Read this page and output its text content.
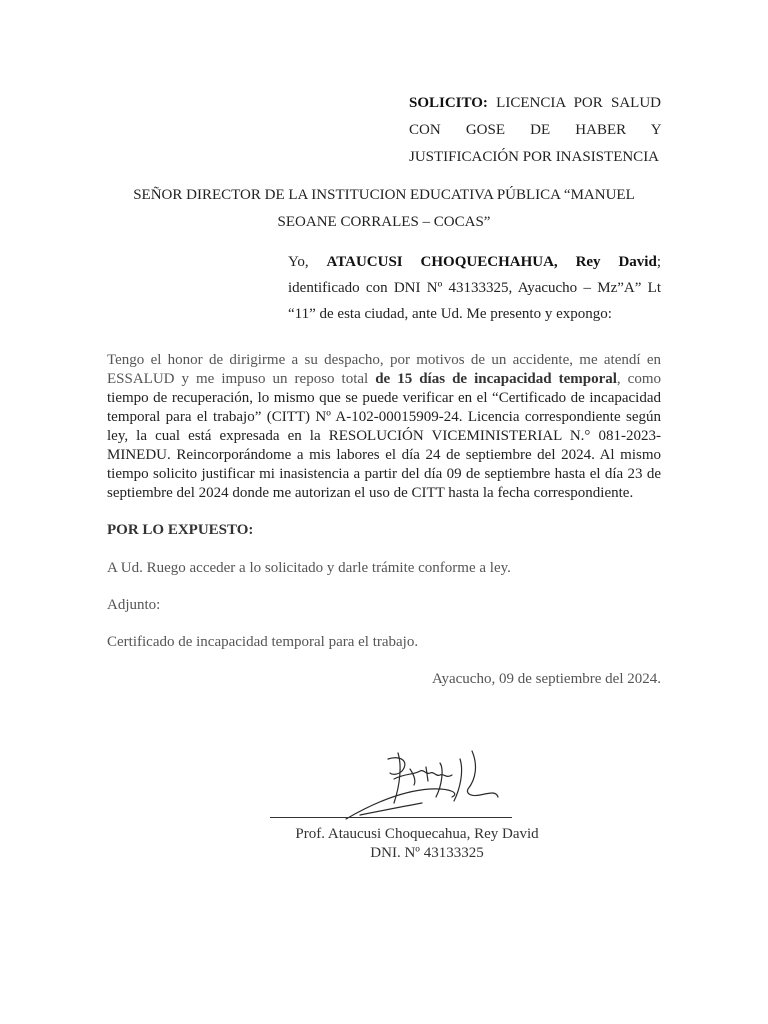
SOLICITO: LICENCIA POR SALUD CON GOSE DE HABER Y JUSTIFICACIÓN POR INASISTENCIA
SEÑOR DIRECTOR DE LA INSTITUCION EDUCATIVA PÚBLICA “MANUEL
SEOANE CORRALES – COCAS”
Yo, ATAUCUSI CHOQUECHAHUA, Rey David; identificado con DNI Nº 43133325, Ayacucho – Mz”A” Lt “11” de esta ciudad, ante Ud. Me presento y expongo:
Tengo el honor de dirigirme a su despacho, por motivos de un accidente, me atendí en ESSALUD y me impuso un reposo total de 15 días de incapacidad temporal, como tiempo de recuperación, lo mismo que se puede verificar en el “Certificado de incapacidad temporal para el trabajo” (CITT) Nº A-102-00015909-24. Licencia correspondiente según ley, la cual está expresada en la RESOLUCIÓN VICEMINISTERIAL N.° 081-2023-MINEDU. Reincorporándome a mis labores el día 24 de septiembre del 2024. Al mismo tiempo solicito justificar mi inasistencia a partir del día 09 de septiembre hasta el día 23 de septiembre del 2024 donde me autorizan el uso de CITT hasta la fecha correspondiente.
POR LO EXPUESTO:
A Ud. Ruego acceder a lo solicitado y darle trámite conforme a ley.
Adjunto:
Certificado de incapacidad temporal para el trabajo.
Ayacucho, 09 de septiembre del 2024.
Prof. Ataucusi Choquecahua, Rey David
DNI. Nº 43133325
